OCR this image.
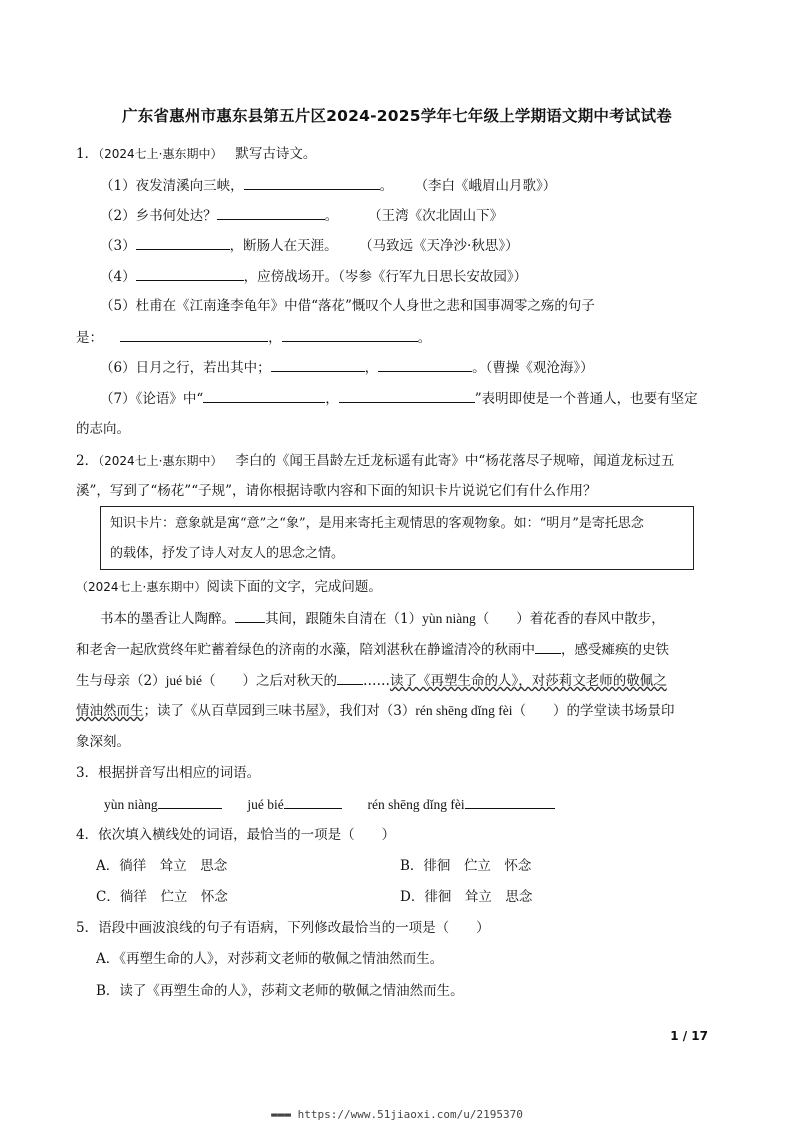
广东省惠州市惠东县第五片区2024-2025学年七年级上学期语文期中考试试卷
1．（2024七上·惠东期中） 默写古诗文。
（1）夜发清溪向三峡，	。 （李白《峨眉山月歌》）
（2）乡书何处达？	。 （王湾《次北固山下》
（3）	，断肠人在天涯。 （马致远《天净沙·秋思》）
（4）	，应傍战场开。（岑参《行军九日思长安故园》）
（5）杜甫在《江南逢李龟年》中借“落花”慨叹个人身世之悲和国事凋零之殇的句子
是：	，	。
（6）日月之行，若出其中；	，	。（曹操《观沧海》）
（7）《论语》中“	，	”表明即使是一个普通人，也要有坚定
的志向。
2．（2024七上·惠东期中） 李白的《闻王昌龄左迁龙标遥有此寄》中“杨花落尽子规啼，闻道龙标过五
溪”，写到了“杨花”“子规”，请你根据诗歌内容和下面的知识卡片说说它们有什么作用？
知识卡片：意象就是寓“意”之“象”，是用来寄托主观情思的客观物象。如：“明月”是寄托思念
的载体，抒发了诗人对友人的思念之情。
（2024七上·惠东期中）阅读下面的文字，完成问题。
书本的墨香让人陶醉。 其间，跟随朱自清在（1）yùn niàng（　　）着花香的春风中散步，
和老舍一起欣赏终年贮蓄着绿色的济南的水藻，陪刘湛秋在静谧清冷的秋雨中 ，感受瘫痪的史铁
生与母亲（2）jué bié（　　）之后对秋天的 ……读了《再塑生命的人》，对莎莉文老师的敬佩之
情油然而生；读了《从百草园到三味书屋》，我们对（3）rén shēng dǐng fèi（　　）的学堂读书场景印
象深刻。
3．根据拼音写出相应的词语。
yùn niàng	jué bié	rén shēng dǐng fèi
4．依次填入横线处的词语，最恰当的一项是（　　）
A．徜徉　耸立　思念	B．徘徊　伫立　怀念
C．徜徉　伫立　怀念	D．徘徊　耸立　思念
5．语段中画波浪线的句子有语病，下列修改最恰当的一项是（　　）
A．《再塑生命的人》，对莎莉文老师的敬佩之情油然而生。
B．读了《再塑生命的人》，莎莉文老师的敬佩之情油然而生。
1 / 17
▬▬▬ https://www.51jiaoxi.com/u/2195370
